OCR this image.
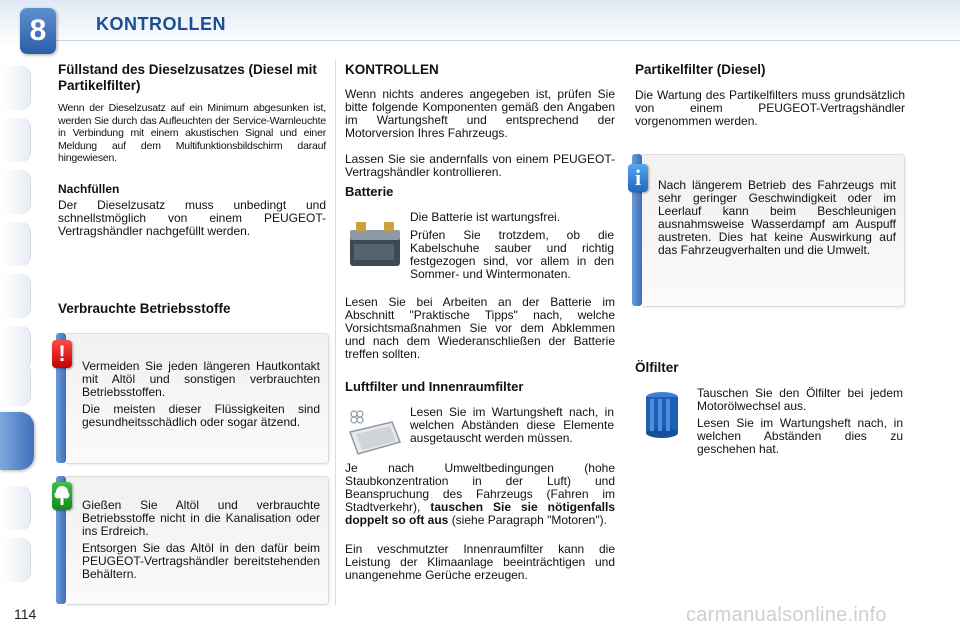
8	KONTROLLEN
Füllstand des Dieselzusatzes (Diesel mit Partikelfilter)

Wenn der Dieselzusatz auf ein Minimum abgesunken ist, werden Sie durch das Aufleuchten der Service-Warnleuchte in Verbindung mit einem akustischen Signal und einer Meldung auf dem Multifunktionsbildschirm darauf hingewiesen.

Nachfüllen

Der Dieselzusatz muss unbedingt und schnellstmöglich von einem PEUGEOT-Vertragshändler nachgefüllt werden.

Verbrauchte Betriebsstoffe
!	Vermeiden Sie jeden längeren Hautkontakt mit Altöl und sonstigen verbrauchten Betriebsstoffen.

Die meisten dieser Flüssigkeiten sind gesundheitsschädlich oder sogar ätzend.

Gießen Sie Altöl und verbrauchte Betriebsstoffe nicht in die Kanalisation oder ins Erdreich.

Entsorgen Sie das Altöl in den dafür beim PEUGEOT-Vertragshändler bereitstehenden Behältern.

KONTROLLEN

Wenn nichts anderes angegeben ist, prüfen Sie bitte folgende Komponenten gemäß den Angaben im Wartungsheft und entsprechend der Motorversion Ihres Fahrzeugs.

Lassen Sie sie andernfalls von einem PEUGEOT-Vertragshändler kontrollieren.

Batterie

Die Batterie ist wartungsfrei.

Prüfen Sie trotzdem, ob die Kabelschuhe sauber und richtig festgezogen sind, vor allem in den Sommer- und Wintermonaten.

Lesen Sie bei Arbeiten an der Batterie im Abschnitt "Praktische Tipps" nach, welche Vorsichtsmaßnahmen Sie vor dem Abklemmen und nach dem Wiederanschließen der Batterie treffen sollten.

Luftfilter und Innenraumfilter

Lesen Sie im Wartungsheft nach, in welchen Abständen diese Elemente ausgetauscht werden müssen.

Je nach Umweltbedingungen (hohe Staubkonzentration in der Luft) und Beanspruchung des Fahrzeugs (Fahren im Stadtverkehr), tauschen Sie sie nötigenfalls doppelt so oft aus (siehe Paragraph "Motoren").

Ein veschmutzter Innenraumfilter kann die Leistung der Klimaanlage beeinträchtigen und unangenehme Gerüche erzeugen.

Partikelfilter (Diesel)

Die Wartung des Partikelfilters muss grundsätzlich von einem PEUGEOT-Vertragshändler vorgenommen werden.

i	Nach längerem Betrieb des Fahrzeugs mit sehr geringer Geschwindigkeit oder im Leerlauf kann beim Beschleunigen ausnahmsweise Wasserdampf am Auspuff austreten. Dies hat keine Auswirkung auf das Fahrzeugverhalten und die Umwelt.

Ölfilter

Tauschen Sie den Ölfilter bei jedem Motorölwechsel aus.

Lesen Sie im Wartungsheft nach, in welchen Abständen dies zu geschehen hat.

114	carmanualsonline.info
